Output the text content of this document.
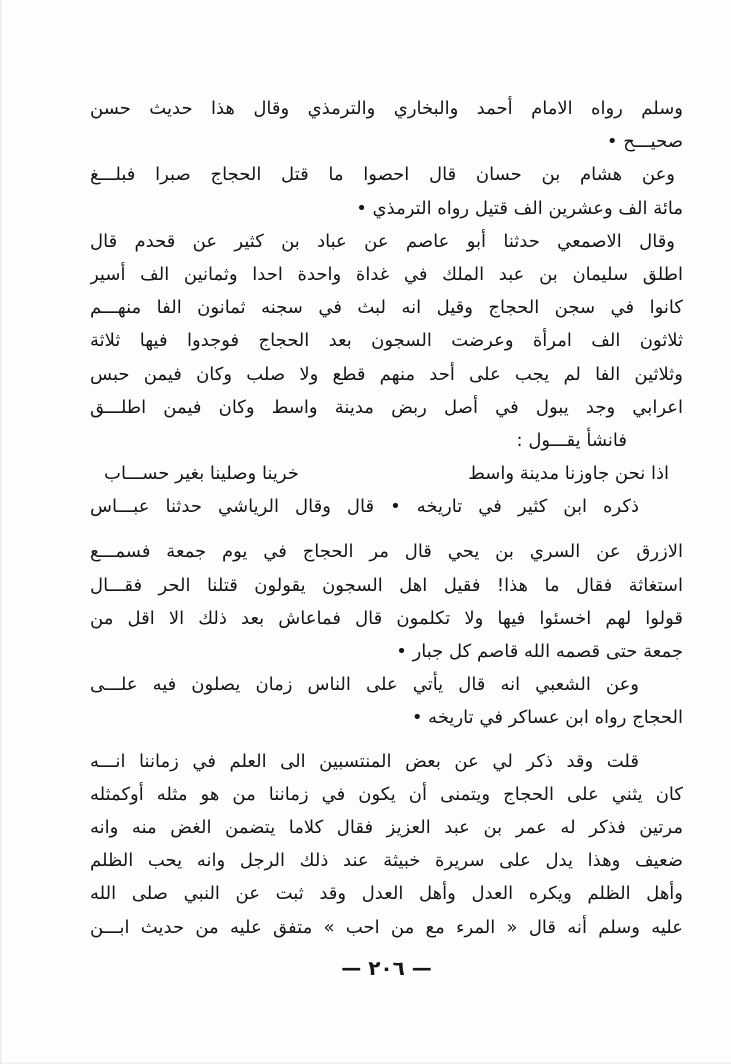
وسلم رواه الامام أحمد والبخاري والترمذي وقال هذا حديث حسن
صحيـــح •
وعن هشام بن حسان قال احصوا ما قتل الحجاج صبرا فبلـــغ
مائة الف وعشرين الف قتيل رواه الترمذي •
وقال الاصمعي حدثنا أبو عاصم عن عباد بن كثير عن قحدم قال
اطلق سليمان بن عبد الملك في غداة واحدة احدا وثمانين الف أسير
كانوا في سجن الحجاج وقيل انه لبث في سجنه ثمانون الفا منهـــم
ثلاثون الف امرأة وعرضت السجون بعد الحجاج فوجدوا فيها ثلاثة
وثلاثين الفا لم يجب على أحد منهم قطع ولا صلب وكان فيمن حبس
اعرابي وجد يبول في أصل ربض مدينة واسط وكان فيمن اطلـــق
فانشأ يقـــول :
اذا نحن جاوزنا مدينة واسط
خرينا وصلينا بغير حســـاب
ذكره ابن كثير في تاريخه • قال وقال الرياشي حدثنا عبـــاس
الازرق عن السري بن يحي قال مر الحجاج في يوم جمعة فسمـــع
استغاثة فقال ما هذا! فقيل اهل السجون يقولون قتلنا الحر فقـــال
قولوا لهم اخسئوا فيها ولا تكلمون قال فماعاش بعد ذلك الا اقل من
جمعة حتى قصمه الله قاصم كل جبار •
وعن الشعبي انه قال يأتي على الناس زمان يصلون فيه علـــى
الحجاج رواه ابن عساكر في تاريخه •
قلت وقد ذكر لي عن بعض المنتسبين الى العلم في زماننا انـــه
كان يثني على الحجاج ويتمنى أن يكون في زماننا من هو مثله أوكمثله
مرتين فذكر له عمر بن عبد العزيز فقال كلاما يتضمن الغض منه وانه
ضعيف وهذا يدل على سريرة خبيثة عند ذلك الرجل وانه يحب الظلم
وأهل الظلم ويكره العدل وأهل العدل وقد ثبت عن النبي صلى الله
عليه وسلم أنه قال « المرء مع من احب » متفق عليه من حديث ابـــن
— ٢٠٦ —
